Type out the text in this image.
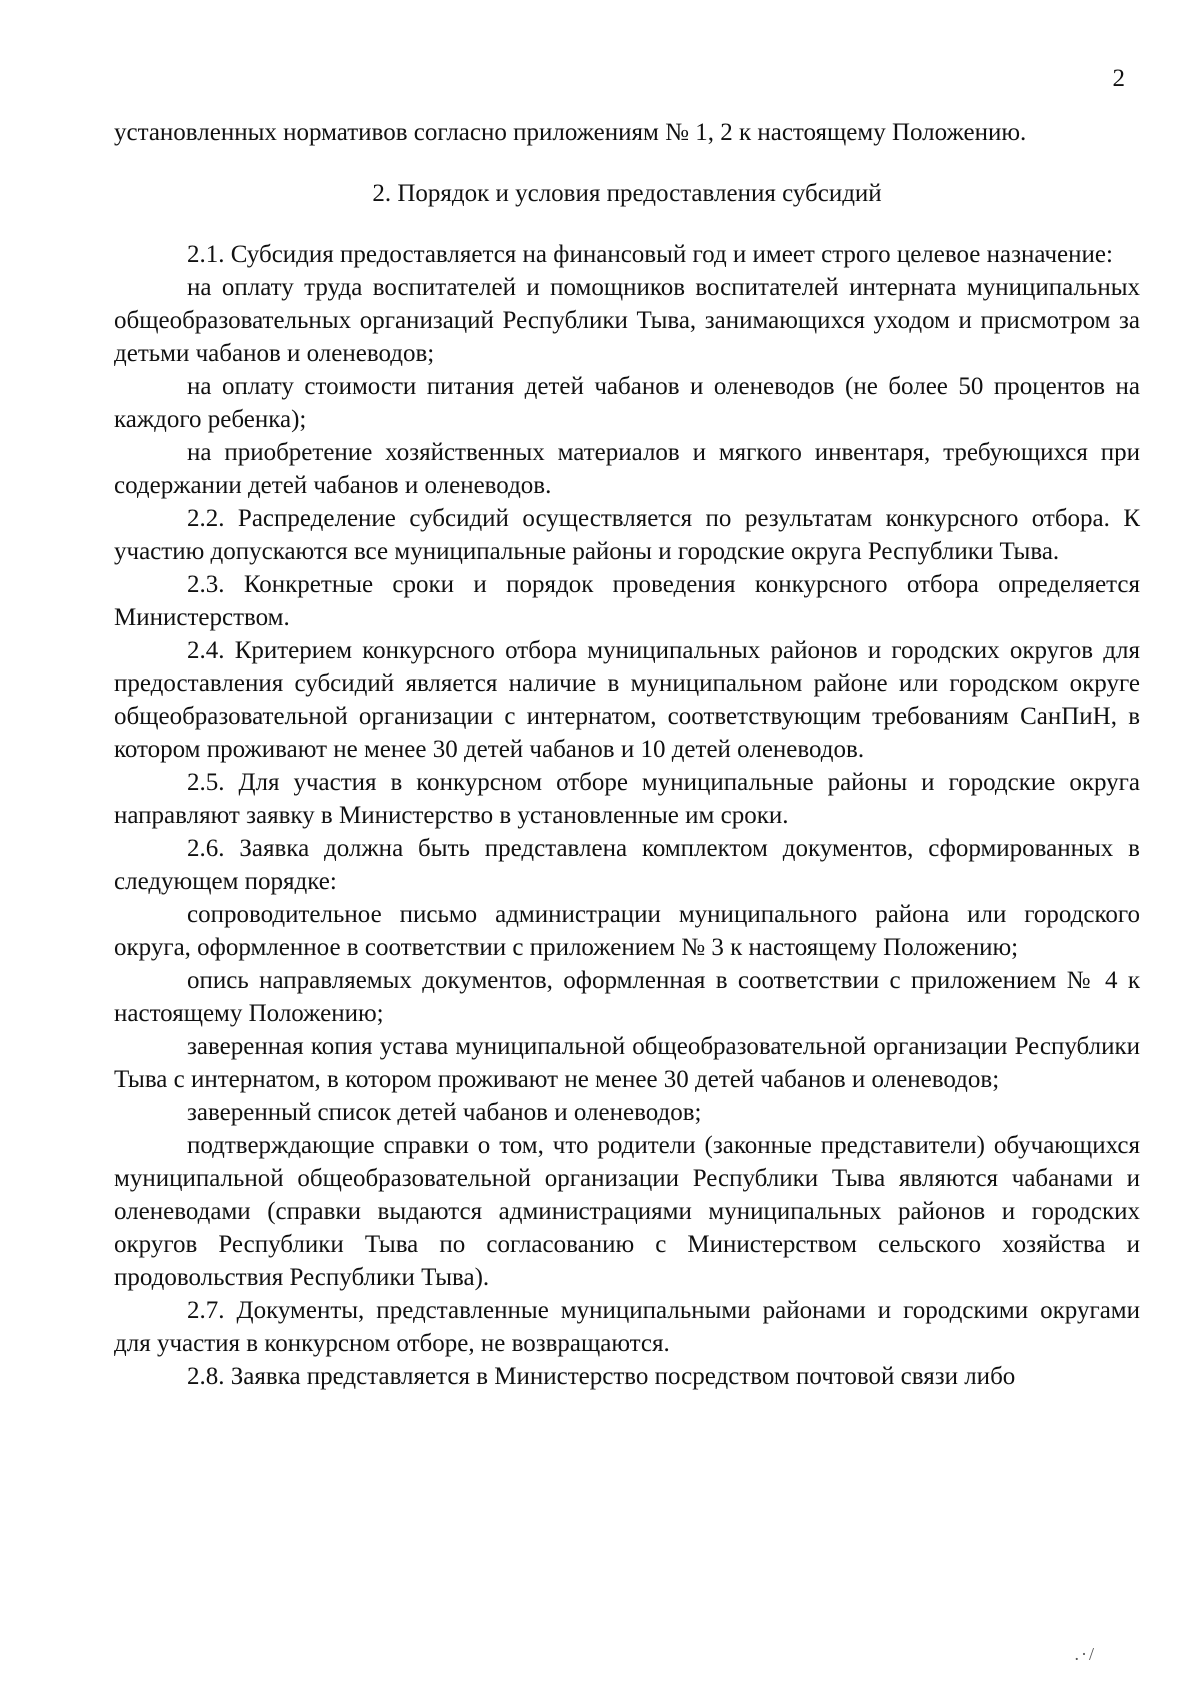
2

установленных нормативов согласно приложениям № 1, 2 к настоящему Положению.

2. Порядок и условия предоставления субсидий

2.1. Субсидия предоставляется на финансовый год и имеет строго целевое назначение:

на оплату труда воспитателей и помощников воспитателей интерната муниципальных общеобразовательных организаций Республики Тыва, занимающихся уходом и присмотром за детьми чабанов и оленеводов;

на оплату стоимости питания детей чабанов и оленеводов (не более 50 процентов на каждого ребенка);

на приобретение хозяйственных материалов и мягкого инвентаря, требующихся при содержании детей чабанов и оленеводов.

2.2. Распределение субсидий осуществляется по результатам конкурсного отбора. К участию допускаются все муниципальные районы и городские округа Республики Тыва.

2.3. Конкретные сроки и порядок проведения конкурсного отбора определяется Министерством.

2.4. Критерием конкурсного отбора муниципальных районов и городских округов для предоставления субсидий является наличие в муниципальном районе или городском округе общеобразовательной организации с интернатом, соответствующим требованиям СанПиН, в котором проживают не менее 30 детей чабанов и 10 детей оленеводов.

2.5. Для участия в конкурсном отборе муниципальные районы и городские округа направляют заявку в Министерство в установленные им сроки.

2.6. Заявка должна быть представлена комплектом документов, сформированных в следующем порядке:

сопроводительное письмо администрации муниципального района или городского округа, оформленное в соответствии с приложением № 3 к настоящему Положению;

опись направляемых документов, оформленная в соответствии с приложением № 4 к настоящему Положению;

заверенная копия устава муниципальной общеобразовательной организации Республики Тыва с интернатом, в котором проживают не менее 30 детей чабанов и оленеводов;

заверенный список детей чабанов и оленеводов;

подтверждающие справки о том, что родители (законные представители) обучающихся муниципальной общеобразовательной организации Республики Тыва являются чабанами и оленеводами (справки выдаются администрациями муниципальных районов и городских округов Республики Тыва по согласованию с Министерством сельского хозяйства и продовольствия Республики Тыва).

2.7. Документы, представленные муниципальными районами и городскими округами для участия в конкурсном отборе, не возвращаются.

2.8. Заявка представляется в Министерство посредством почтовой связи либо

.·/
